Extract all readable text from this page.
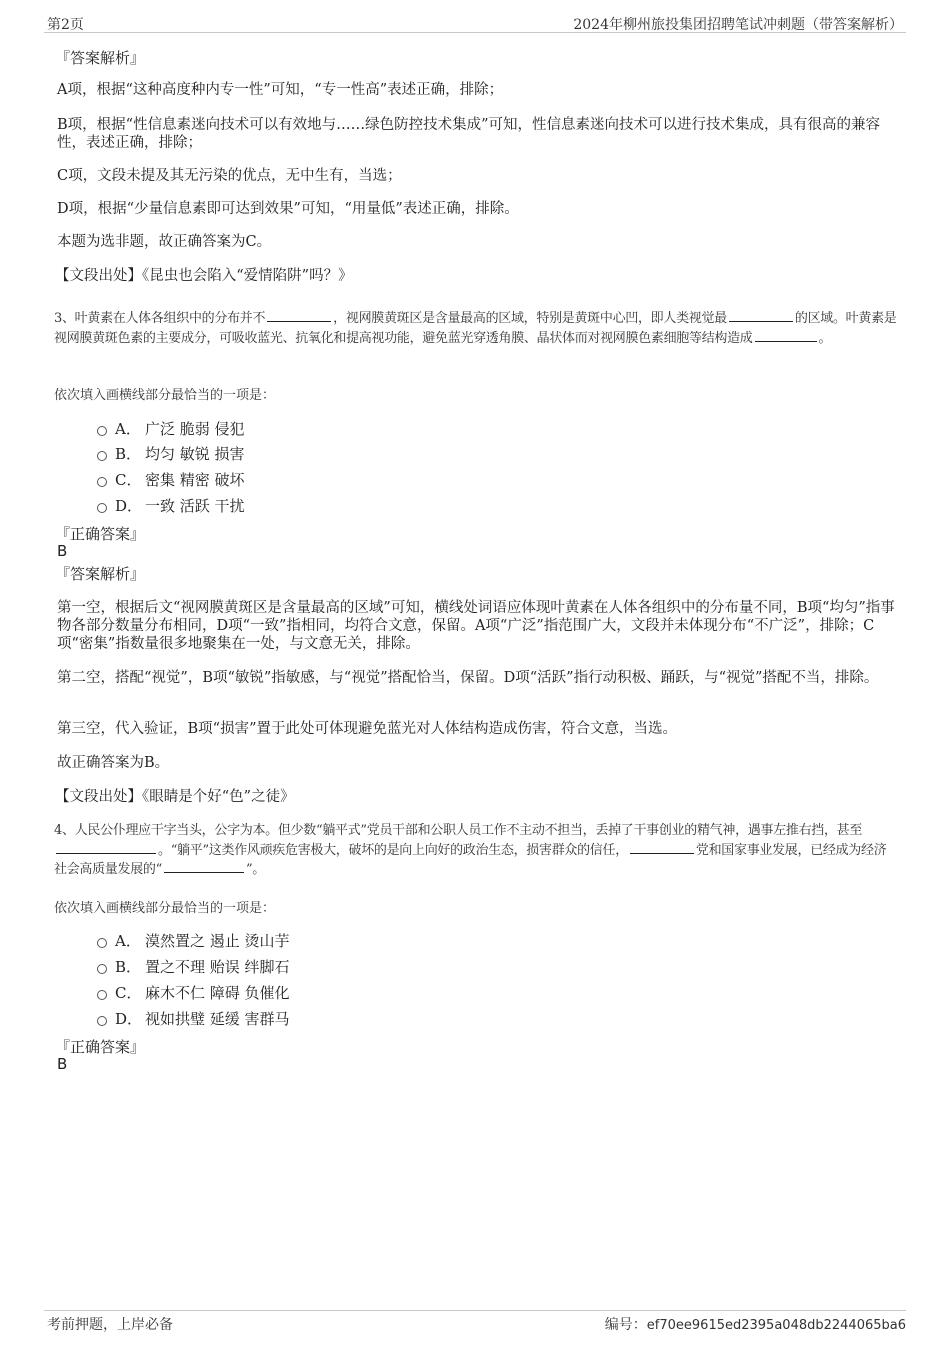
第2页	2024年柳州旅投集团招聘笔试冲刺题（带答案解析）
『答案解析』
A项，根据“这种高度种内专一性”可知，“专一性高”表述正确，排除；
B项，根据“性信息素迷向技术可以有效地与……绿色防控技术集成”可知，性信息素迷向技术可以进行技术集成，具有很高的兼容性，表述正确，排除；
C项，文段未提及其无污染的优点，无中生有，当选；
D项，根据“少量信息素即可达到效果”可知，“用量低”表述正确，排除。
本题为选非题，故正确答案为C。
【文段出处】《昆虫也会陷入“爱情陷阱”吗？》
3、叶黄素在人体各组织中的分布并不	，视网膜黄斑区是含量最高的区域，特别是黄斑中心凹，即人类视觉最	的区域。叶黄素是视网膜黄斑色素的主要成分，可吸收蓝光、抗氧化和提高视功能，避免蓝光穿透角膜、晶状体而对视网膜色素细胞等结构造成	。
依次填入画横线部分最恰当的一项是：
A． 广泛 脆弱 侵犯
B． 均匀 敏锐 损害
C． 密集 精密 破坏
D． 一致 活跃 干扰
『正确答案』
B
『答案解析』
第一空，根据后文“视网膜黄斑区是含量最高的区域”可知，横线处词语应体现叶黄素在人体各组织中的分布量不同，B项“均匀”指事物各部分数量分布相同，D项“一致”指相同，均符合文意，保留。A项“广泛”指范围广大，文段并未体现分布“不广泛”，排除；C项“密集”指数量很多地聚集在一处，与文意无关，排除。
第二空，搭配“视觉”，B项“敏锐”指敏感，与“视觉”搭配恰当，保留。D项“活跃”指行动积极、踊跃，与“视觉”搭配不当，排除。
第三空，代入验证，B项“损害”置于此处可体现避免蓝光对人体结构造成伤害，符合文意，当选。
故正确答案为B。
【文段出处】《眼睛是个好“色”之徒》
4、人民公仆理应干字当头，公字为本。但少数“躺平式”党员干部和公职人员工作不主动不担当，丢掉了干事创业的精气神，遇事左推右挡，甚至。“躺平”这类作风顽疾危害极大，破坏的是向上向好的政治生态，损害群众的信任，	党和国家事业发展，已经成为经济社会高质量发展的“	”。
依次填入画横线部分最恰当的一项是：
A． 漠然置之 遏止 烫山芋
B． 置之不理 贻误 绊脚石
C． 麻木不仁 障碍 负催化
D． 视如拱璧 延缓 害群马
『正确答案』
B
考前押题，上岸必备	编号：ef70ee9615ed2395a048db2244065ba6
